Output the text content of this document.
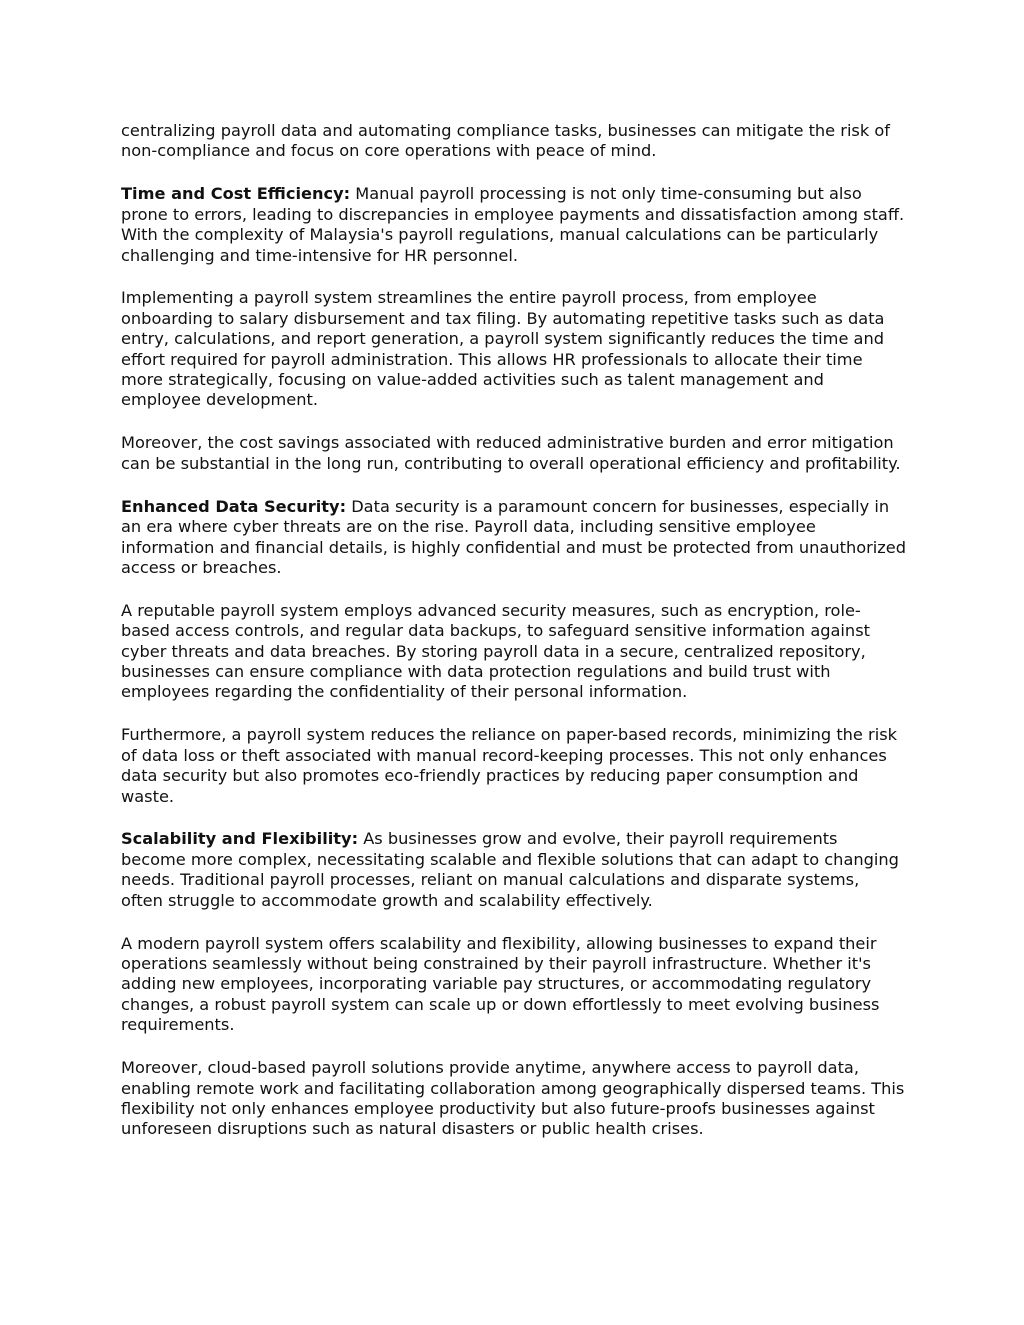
centralizing payroll data and automating compliance tasks, businesses can mitigate the risk of non-compliance and focus on core operations with peace of mind.

Time and Cost Efficiency: Manual payroll processing is not only time-consuming but also prone to errors, leading to discrepancies in employee payments and dissatisfaction among staff. With the complexity of Malaysia's payroll regulations, manual calculations can be particularly challenging and time-intensive for HR personnel.

Implementing a payroll system streamlines the entire payroll process, from employee onboarding to salary disbursement and tax filing. By automating repetitive tasks such as data entry, calculations, and report generation, a payroll system significantly reduces the time and effort required for payroll administration. This allows HR professionals to allocate their time more strategically, focusing on value-added activities such as talent management and employee development.

Moreover, the cost savings associated with reduced administrative burden and error mitigation can be substantial in the long run, contributing to overall operational efficiency and profitability.

Enhanced Data Security: Data security is a paramount concern for businesses, especially in an era where cyber threats are on the rise. Payroll data, including sensitive employee information and financial details, is highly confidential and must be protected from unauthorized access or breaches.

A reputable payroll system employs advanced security measures, such as encryption, role-based access controls, and regular data backups, to safeguard sensitive information against cyber threats and data breaches. By storing payroll data in a secure, centralized repository, businesses can ensure compliance with data protection regulations and build trust with employees regarding the confidentiality of their personal information.

Furthermore, a payroll system reduces the reliance on paper-based records, minimizing the risk of data loss or theft associated with manual record-keeping processes. This not only enhances data security but also promotes eco-friendly practices by reducing paper consumption and waste.

Scalability and Flexibility: As businesses grow and evolve, their payroll requirements become more complex, necessitating scalable and flexible solutions that can adapt to changing needs. Traditional payroll processes, reliant on manual calculations and disparate systems, often struggle to accommodate growth and scalability effectively.

A modern payroll system offers scalability and flexibility, allowing businesses to expand their operations seamlessly without being constrained by their payroll infrastructure. Whether it's adding new employees, incorporating variable pay structures, or accommodating regulatory changes, a robust payroll system can scale up or down effortlessly to meet evolving business requirements.

Moreover, cloud-based payroll solutions provide anytime, anywhere access to payroll data, enabling remote work and facilitating collaboration among geographically dispersed teams. This flexibility not only enhances employee productivity but also future-proofs businesses against unforeseen disruptions such as natural disasters or public health crises.
